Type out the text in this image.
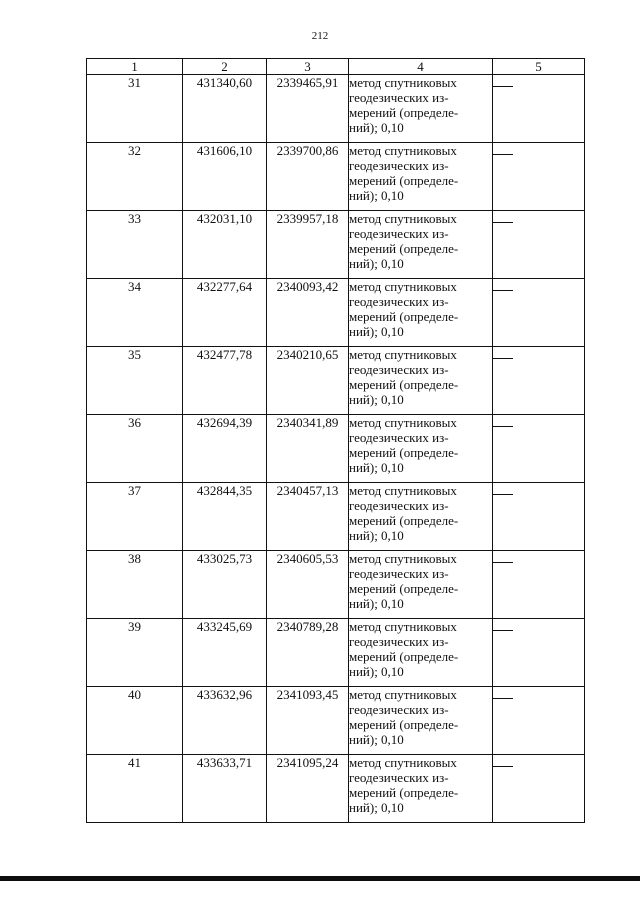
212
1	2	3	4	5
31	431340,60	2339465,91	метод спутниковых
геодезических из-
мерений (определе-
ний); 0,10	

32	431606,10	2339700,86	метод спутниковых
геодезических из-
мерений (определе-
ний); 0,10	

33	432031,10	2339957,18	метод спутниковых
геодезических из-
мерений (определе-
ний); 0,10	

34	432277,64	2340093,42	метод спутниковых
геодезических из-
мерений (определе-
ний); 0,10	

35	432477,78	2340210,65	метод спутниковых
геодезических из-
мерений (определе-
ний); 0,10	

36	432694,39	2340341,89	метод спутниковых
геодезических из-
мерений (определе-
ний); 0,10	

37	432844,35	2340457,13	метод спутниковых
геодезических из-
мерений (определе-
ний); 0,10	

38	433025,73	2340605,53	метод спутниковых
геодезических из-
мерений (определе-
ний); 0,10	

39	433245,69	2340789,28	метод спутниковых
геодезических из-
мерений (определе-
ний); 0,10	

40	433632,96	2341093,45	метод спутниковых
геодезических из-
мерений (определе-
ний); 0,10	

41	433633,71	2341095,24	метод спутниковых
геодезических из-
мерений (определе-
ний); 0,10	
